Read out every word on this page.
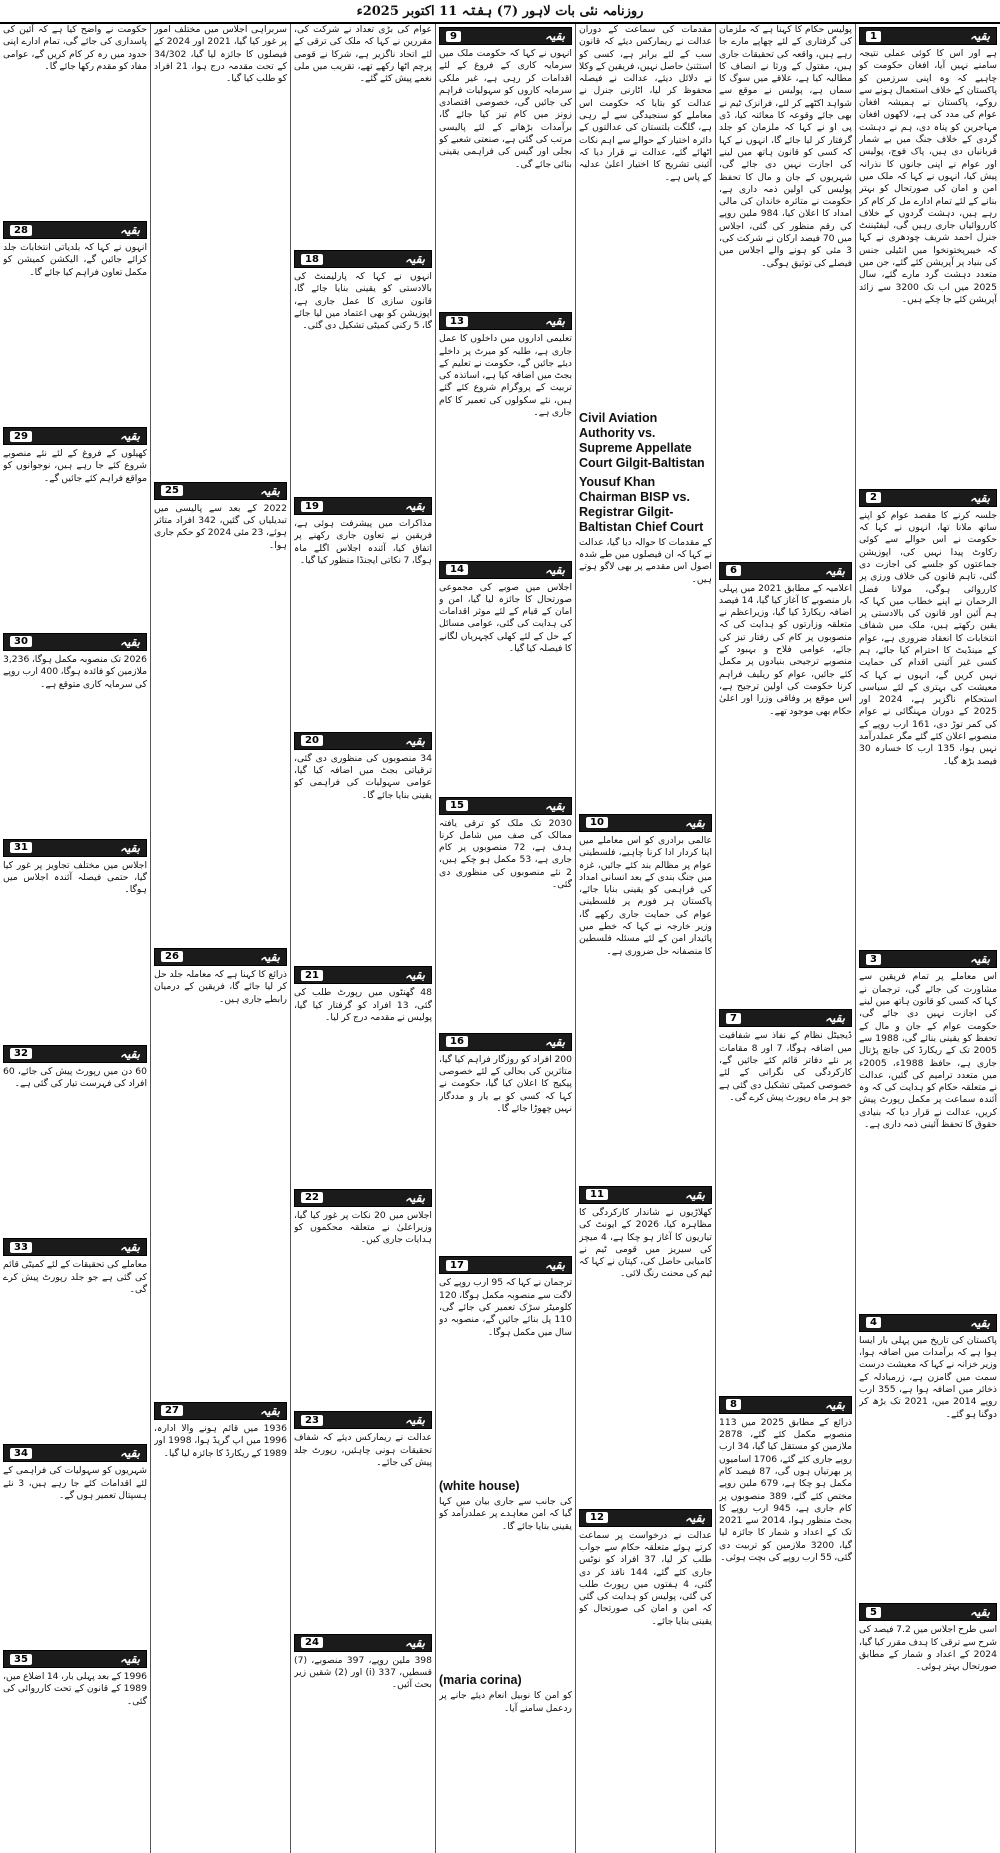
روزنامہ نئی بات لاہور (7) ہفتہ 11 اکتوبر 2025ء
1	بقیہ
ہے اور اس کا کوئی عملی نتیجہ سامنے نہیں آیا، افغان حکومت کو چاہیے کہ وہ اپنی سرزمین کو پاکستان کے خلاف استعمال ہونے سے روکے، پاکستان نے ہمیشہ افغان عوام کی مدد کی ہے، لاکھوں افغان مہاجرین کو پناہ دی، ہم نے دہشت گردی کے خلاف جنگ میں بے شمار قربانیاں دی ہیں، پاک فوج، پولیس اور عوام نے اپنی جانوں کا نذرانہ پیش کیا، انہوں نے کہا کہ ملک میں امن و امان کی صورتحال کو بہتر بنانے کے لئے تمام ادارے مل کر کام کر رہے ہیں، دہشت گردوں کے خلاف کارروائیاں جاری رہیں گی، لیفٹیننٹ جنرل احمد شریف چودھری نے کہا کہ خیبرپختونخوا میں انٹیلی جنس کی بنیاد پر آپریشن کئے گئے، جن میں متعدد دہشت گرد مارے گئے، سال 2025 میں اب تک 3200 سے زائد آپریشن کئے جا چکے ہیں۔
2	بقیہ
جلسہ کرنے کا مقصد عوام کو اپنے ساتھ ملانا تھا، انہوں نے کہا کہ حکومت نے اس حوالے سے کوئی رکاوٹ پیدا نہیں کی، اپوزیشن جماعتوں کو جلسے کی اجازت دی گئی، تاہم قانون کی خلاف ورزی پر کارروائی ہوگی، مولانا فضل الرحمان نے اپنے خطاب میں کہا کہ ہم آئین اور قانون کی بالادستی پر یقین رکھتے ہیں، ملک میں شفاف انتخابات کا انعقاد ضروری ہے، عوام کے مینڈیٹ کا احترام کیا جائے، ہم کسی غیر آئینی اقدام کی حمایت نہیں کریں گے، انہوں نے کہا کہ معیشت کی بہتری کے لئے سیاسی استحکام ناگزیر ہے، 2024 اور 2025 کے دوران مہنگائی نے عوام کی کمر توڑ دی، 161 ارب روپے کے منصوبے اعلان کئے گئے مگر عملدرآمد نہیں ہوا، 135 ارب کا خسارہ 30 فیصد بڑھ گیا۔
3	بقیہ
اس معاملے پر تمام فریقین سے مشاورت کی جائے گی، ترجمان نے کہا کہ کسی کو قانون ہاتھ میں لینے کی اجازت نہیں دی جائے گی، حکومت عوام کے جان و مال کے تحفظ کو یقینی بنائے گی، 1988 سے 2005 تک کے ریکارڈ کی جانچ پڑتال جاری ہے، حافظ 1988ء، 2005ء میں متعدد ترامیم کی گئیں، عدالت نے متعلقہ حکام کو ہدایت کی کہ وہ آئندہ سماعت پر مکمل رپورٹ پیش کریں، عدالت نے قرار دیا کہ بنیادی حقوق کا تحفظ آئینی ذمہ داری ہے۔
4	بقیہ
پاکستان کی تاریخ میں پہلی بار ایسا ہوا ہے کہ برآمدات میں اضافہ ہوا، وزیر خزانہ نے کہا کہ معیشت درست سمت میں گامزن ہے، زرمبادلہ کے ذخائر میں اضافہ ہوا ہے، 355 ارب روپے 2014 میں، 2021 تک بڑھ کر دوگنا ہو گئے۔
5	بقیہ
اسی طرح اجلاس میں 7.2 فیصد کی شرح سے ترقی کا ہدف مقرر کیا گیا، 2024 کے اعداد و شمار کے مطابق صورتحال بہتر ہوئی۔
پولیس حکام کا کہنا ہے کہ ملزمان کی گرفتاری کے لئے چھاپے مارے جا رہے ہیں، واقعہ کی تحقیقات جاری ہیں، مقتول کے ورثا نے انصاف کا مطالبہ کیا ہے، علاقے میں سوگ کا سماں ہے، پولیس نے موقع سے شواہد اکٹھے کر لئے، فرانزک ٹیم نے بھی جائے وقوعہ کا معائنہ کیا، ڈی پی او نے کہا کہ ملزمان کو جلد گرفتار کر لیا جائے گا، انہوں نے کہا کہ کسی کو قانون ہاتھ میں لینے کی اجازت نہیں دی جائے گی، شہریوں کے جان و مال کا تحفظ پولیس کی اولین ذمہ داری ہے، حکومت نے متاثرہ خاندان کی مالی امداد کا اعلان کیا، 984 ملین روپے کی رقم منظور کی گئی، اجلاس میں 70 فیصد ارکان نے شرکت کی، 3 مئی کو ہونے والے اجلاس میں فیصلے کی توثیق ہوگی۔
6	بقیہ
اعلامیہ کے مطابق 2021 میں پہلی بار منصوبے کا آغاز کیا گیا، 14 فیصد اضافہ ریکارڈ کیا گیا، وزیراعظم نے متعلقہ وزارتوں کو ہدایت کی کہ منصوبوں پر کام کی رفتار تیز کی جائے، عوامی فلاح و بہبود کے منصوبے ترجیحی بنیادوں پر مکمل کئے جائیں، عوام کو ریلیف فراہم کرنا حکومت کی اولین ترجیح ہے، اس موقع پر وفاقی وزرا اور اعلیٰ حکام بھی موجود تھے۔
7	بقیہ
ڈیجیٹل نظام کے نفاذ سے شفافیت میں اضافہ ہوگا، 7 اور 8 مقامات پر نئے دفاتر قائم کئے جائیں گے، کارکردگی کی نگرانی کے لئے خصوصی کمیٹی تشکیل دی گئی ہے جو ہر ماہ رپورٹ پیش کرے گی۔
8	بقیہ
ذرائع کے مطابق 2025 میں 113 منصوبے مکمل کئے گئے، 2878 ملازمین کو مستقل کیا گیا، 34 ارب روپے جاری کئے گئے، 1706 اسامیوں پر بھرتیاں ہوں گی، 87 فیصد کام مکمل ہو چکا ہے، 679 ملین روپے مختص کئے گئے، 389 منصوبوں پر کام جاری ہے، 945 ارب روپے کا بجٹ منظور ہوا، 2014 سے 2021 تک کے اعداد و شمار کا جائزہ لیا گیا، 3200 ملازمین کو تربیت دی گئی، 55 ارب روپے کی بچت ہوئی۔
مقدمات کی سماعت کے دوران عدالت نے ریمارکس دیئے کہ قانون سب کے لئے برابر ہے، کسی کو استثنیٰ حاصل نہیں، فریقین کے وکلا نے دلائل دیئے، عدالت نے فیصلہ محفوظ کر لیا، اٹارنی جنرل نے عدالت کو بتایا کہ حکومت اس معاملے کو سنجیدگی سے لے رہی ہے، گلگت بلتستان کی عدالتوں کے دائرہ اختیار کے حوالے سے اہم نکات اٹھائے گئے، عدالت نے قرار دیا کہ آئینی تشریح کا اختیار اعلیٰ عدلیہ کے پاس ہے۔
Civil Aviation Authority vs. Supreme Appellate Court Gilgit-Baltistan
Yousuf Khan Chairman BISP vs. Registrar Gilgit-Baltistan Chief Court
کے مقدمات کا حوالہ دیا گیا، عدالت نے کہا کہ ان فیصلوں میں طے شدہ اصول اس مقدمے پر بھی لاگو ہوتے ہیں۔
10	بقیہ
عالمی برادری کو اس معاملے میں اپنا کردار ادا کرنا چاہیے، فلسطینی عوام پر مظالم بند کئے جائیں، غزہ میں جنگ بندی کے بعد انسانی امداد کی فراہمی کو یقینی بنایا جائے، پاکستان ہر فورم پر فلسطینی عوام کی حمایت جاری رکھے گا، وزیر خارجہ نے کہا کہ خطے میں پائیدار امن کے لئے مسئلہ فلسطین کا منصفانہ حل ضروری ہے۔
11	بقیہ
کھلاڑیوں نے شاندار کارکردگی کا مظاہرہ کیا، 2026 کے ایونٹ کی تیاریوں کا آغاز ہو چکا ہے، 4 میچز کی سیریز میں قومی ٹیم نے کامیابی حاصل کی، کپتان نے کہا کہ ٹیم کی محنت رنگ لائی۔
12	بقیہ
عدالت نے درخواست پر سماعت کرتے ہوئے متعلقہ حکام سے جواب طلب کر لیا، 37 افراد کو نوٹس جاری کئے گئے، 144 نافذ کر دی گئی، 4 ہفتوں میں رپورٹ طلب کی گئی، پولیس کو ہدایت کی گئی کہ امن و امان کی صورتحال کو یقینی بنایا جائے۔
9	بقیہ
انہوں نے کہا کہ حکومت ملک میں سرمایہ کاری کے فروغ کے لئے اقدامات کر رہی ہے، غیر ملکی سرمایہ کاروں کو سہولیات فراہم کی جائیں گی، خصوصی اقتصادی زونز میں کام تیز کیا جائے گا، برآمدات بڑھانے کے لئے پالیسی مرتب کی گئی ہے، صنعتی شعبے کو بجلی اور گیس کی فراہمی یقینی بنائی جائے گی۔
13	بقیہ
تعلیمی اداروں میں داخلوں کا عمل جاری ہے، طلبہ کو میرٹ پر داخلے دیئے جائیں گے، حکومت نے تعلیم کے بجٹ میں اضافہ کیا ہے، اساتذہ کی تربیت کے پروگرام شروع کئے گئے ہیں، نئے سکولوں کی تعمیر کا کام جاری ہے۔
14	بقیہ
اجلاس میں صوبے کی مجموعی صورتحال کا جائزہ لیا گیا، امن و امان کے قیام کے لئے موثر اقدامات کی ہدایت کی گئی، عوامی مسائل کے حل کے لئے کھلی کچہریاں لگانے کا فیصلہ کیا گیا۔
15	بقیہ
2030 تک ملک کو ترقی یافتہ ممالک کی صف میں شامل کرنا ہدف ہے، 72 منصوبوں پر کام جاری ہے، 53 مکمل ہو چکے ہیں، 2 نئے منصوبوں کی منظوری دی گئی۔
16	بقیہ
200 افراد کو روزگار فراہم کیا گیا، متاثرین کی بحالی کے لئے خصوصی پیکیج کا اعلان کیا گیا، حکومت نے کہا کہ کسی کو بے یار و مددگار نہیں چھوڑا جائے گا۔
17	بقیہ
ترجمان نے کہا کہ 95 ارب روپے کی لاگت سے منصوبہ مکمل ہوگا، 120 کلومیٹر سڑک تعمیر کی جائے گی، 110 پل بنائے جائیں گے، منصوبہ دو سال میں مکمل ہوگا۔
(white house)
کی جانب سے جاری بیان میں کہا گیا کہ امن معاہدے پر عملدرآمد کو یقینی بنایا جائے گا۔
(maria corina)
کو امن کا نوبیل انعام دیئے جانے پر ردعمل سامنے آیا۔
عوام کی بڑی تعداد نے شرکت کی، مقررین نے کہا کہ ملک کی ترقی کے لئے اتحاد ناگزیر ہے، شرکا نے قومی پرچم اٹھا رکھے تھے، تقریب میں ملی نغمے پیش کئے گئے۔
18	بقیہ
انہوں نے کہا کہ پارلیمنٹ کی بالادستی کو یقینی بنایا جائے گا، قانون سازی کا عمل جاری ہے، اپوزیشن کو بھی اعتماد میں لیا جائے گا، 5 رکنی کمیٹی تشکیل دی گئی۔
19	بقیہ
مذاکرات میں پیشرفت ہوئی ہے، فریقین نے تعاون جاری رکھنے پر اتفاق کیا، آئندہ اجلاس اگلے ماہ ہوگا، 7 نکاتی ایجنڈا منظور کیا گیا۔
20	بقیہ
34 منصوبوں کی منظوری دی گئی، ترقیاتی بجٹ میں اضافہ کیا گیا، عوامی سہولیات کی فراہمی کو یقینی بنایا جائے گا۔
21	بقیہ
48 گھنٹوں میں رپورٹ طلب کی گئی، 13 افراد کو گرفتار کیا گیا، پولیس نے مقدمہ درج کر لیا۔
22	بقیہ
اجلاس میں 20 نکات پر غور کیا گیا، وزیراعلیٰ نے متعلقہ محکموں کو ہدایات جاری کیں۔
23	بقیہ
عدالت نے ریمارکس دیئے کہ شفاف تحقیقات ہونی چاہئیں، رپورٹ جلد پیش کی جائے۔
24	بقیہ
398 ملین روپے، 397 منصوبے، (7) قسطیں، 337 (i) اور (2) شقیں زیر بحث آئیں۔
سربراہی اجلاس میں مختلف امور پر غور کیا گیا، 2021 اور 2024 کے فیصلوں کا جائزہ لیا گیا، 34/302 کے تحت مقدمہ درج ہوا، 21 افراد کو طلب کیا گیا۔
25	بقیہ
2022 کے بعد سے پالیسی میں تبدیلیاں کی گئیں، 342 افراد متاثر ہوئے، 23 مئی 2024 کو حکم جاری ہوا۔
26	بقیہ
ذرائع کا کہنا ہے کہ معاملہ جلد حل کر لیا جائے گا، فریقین کے درمیان رابطے جاری ہیں۔
27	بقیہ
1936 میں قائم ہونے والا ادارہ، 1996 میں اپ گریڈ ہوا، 1998 اور 1989 کے ریکارڈ کا جائزہ لیا گیا۔
حکومت نے واضح کیا ہے کہ آئین کی پاسداری کی جائے گی، تمام ادارے اپنی حدود میں رہ کر کام کریں گے، عوامی مفاد کو مقدم رکھا جائے گا۔
28	بقیہ
انہوں نے کہا کہ بلدیاتی انتخابات جلد کرائے جائیں گے، الیکشن کمیشن کو مکمل تعاون فراہم کیا جائے گا۔
29	بقیہ
کھیلوں کے فروغ کے لئے نئے منصوبے شروع کئے جا رہے ہیں، نوجوانوں کو مواقع فراہم کئے جائیں گے۔
30	بقیہ
2026 تک منصوبہ مکمل ہوگا، 3,236 ملازمین کو فائدہ ہوگا، 400 ارب روپے کی سرمایہ کاری متوقع ہے۔
31	بقیہ
اجلاس میں مختلف تجاویز پر غور کیا گیا، حتمی فیصلہ آئندہ اجلاس میں ہوگا۔
32	بقیہ
60 دن میں رپورٹ پیش کی جائے، 60 افراد کی فہرست تیار کی گئی ہے۔
33	بقیہ
معاملے کی تحقیقات کے لئے کمیٹی قائم کی گئی ہے جو جلد رپورٹ پیش کرے گی۔
34	بقیہ
شہریوں کو سہولیات کی فراہمی کے لئے اقدامات کئے جا رہے ہیں، 3 نئے ہسپتال تعمیر ہوں گے۔
35	بقیہ
1996 کے بعد پہلی بار، 14 اضلاع میں، 1989 کے قانون کے تحت کارروائی کی گئی۔
